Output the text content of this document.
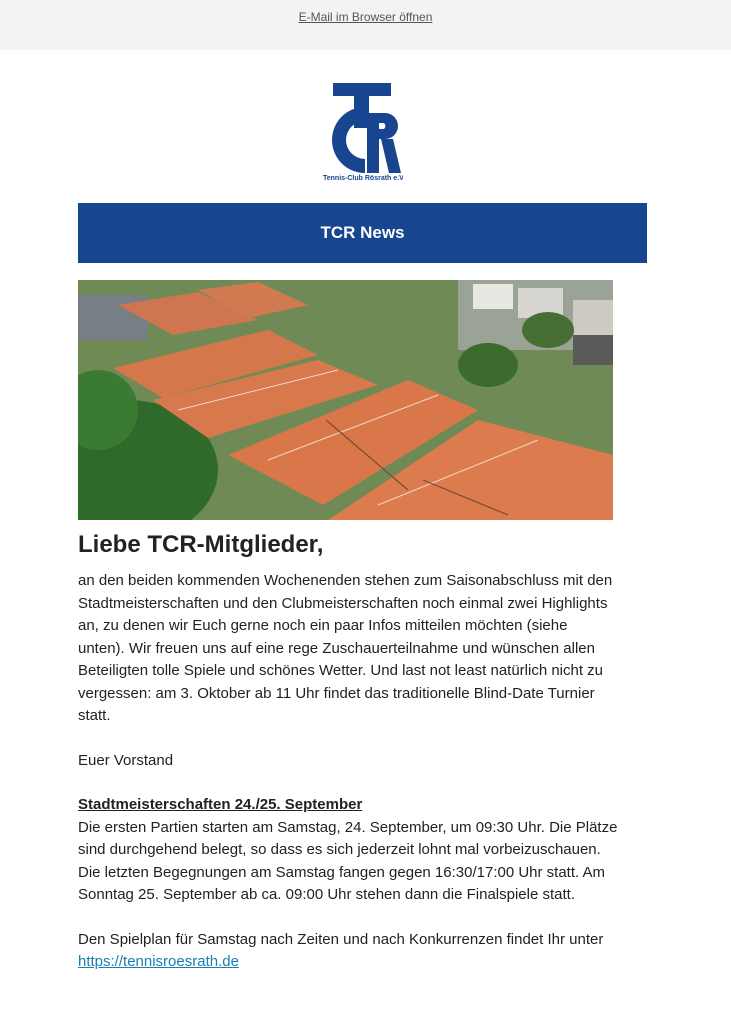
E-Mail im Browser öffnen
Tennis-Club Rösrath e.V.
TCR News
Liebe TCR-Mitglieder,

an den beiden kommenden Wochenenden stehen zum Saisonabschluss mit den Stadtmeisterschaften und den Clubmeisterschaften noch einmal zwei Highlights an, zu denen wir Euch gerne noch ein paar Infos mitteilen möchten (siehe unten). Wir freuen uns auf eine rege Zuschauerteilnahme und wünschen allen Beteiligten tolle Spiele und schönes Wetter. Und last not least natürlich nicht zu vergessen: am 3. Oktober ab 11 Uhr findet das traditionelle Blind-Date Turnier statt.

Euer Vorstand

Stadtmeisterschaften 24./25. September

Die ersten Partien starten am Samstag, 24. September, um 09:30 Uhr. Die Plätze sind durchgehend belegt, so dass es sich jederzeit lohnt mal vorbeizuschauen. Die letzten Begegnungen am Samstag fangen gegen 16:30/17:00 Uhr statt. Am Sonntag 25. September ab ca. 09:00 Uhr stehen dann die Finalspiele statt.

Den Spielplan für Samstag nach Zeiten und nach Konkurrenzen findet Ihr unter https://tennisroesrath.de
